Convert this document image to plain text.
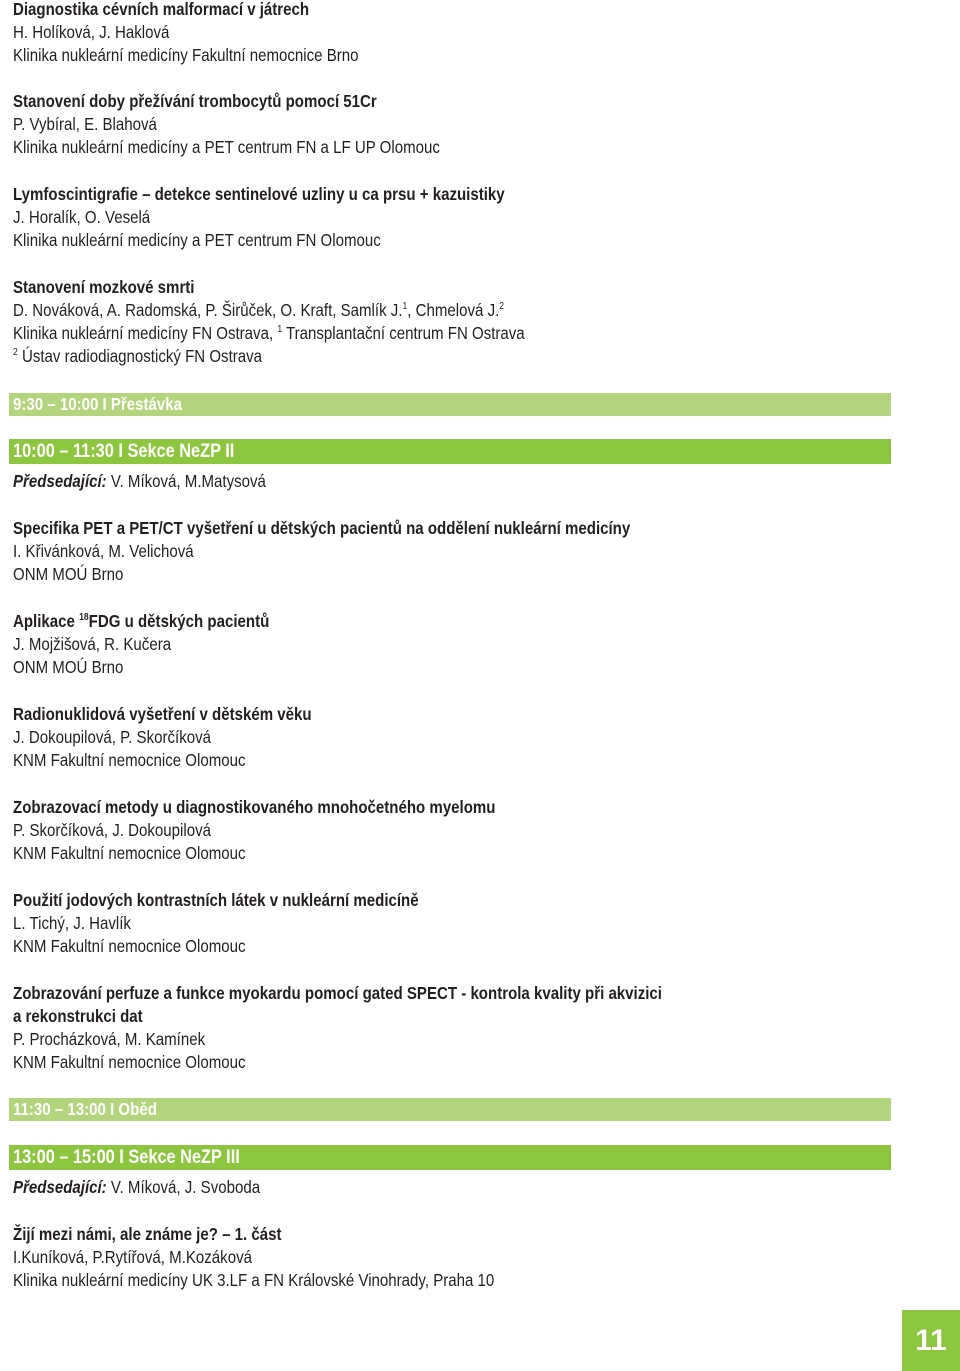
Diagnostika cévních malformací v játrech
H. Holíková, J. Haklová
Klinika nukleární medicíny Fakultní nemocnice Brno
Stanovení doby přežívání trombocytů pomocí 51Cr
P. Vybíral, E. Blahová
Klinika nukleární medicíny a PET centrum FN a LF UP Olomouc
Lymfoscintigrafie – detekce sentinelové uzliny u ca prsu + kazuistiky
J. Horalík, O. Veselá
Klinika nukleární medicíny a PET centrum FN Olomouc
Stanovení mozkové smrti
D. Nováková, A. Radomská, P. Širůček, O. Kraft, Samlík J.$^1$, Chmelová J.$^2$
Klinika nukleární medicíny FN Ostrava, $^1$ Transplantační centrum FN Ostrava
$^2$ Ústav radiodiagnostický FN Ostrava
Specifika PET a PET/CT vyšetření u dětských pacientů na oddělení nukleární medicíny
I. Křivánková, M. Velichová
ONM MOÚ Brno
Aplikace $^{18}$FDG u dětských pacientů
J. Mojžišová, R. Kučera
ONM MOÚ Brno
Radionuklidová vyšetření v dětském věku
J. Dokoupilová, P. Skorčíková
KNM Fakultní nemocnice Olomouc
Zobrazovací metody u diagnostikovaného mnohočetného myelomu
P. Skorčíková, J. Dokoupilová
KNM Fakultní nemocnice Olomouc
Použití jodových kontrastních látek v nukleární medicíně
L. Tichý, J. Havlík
KNM Fakultní nemocnice Olomouc
Zobrazování perfuze a funkce myokardu pomocí gated SPECT - kontrola kvality při akvizici
a rekonstrukci dat
P. Procházková, M. Kamínek
KNM Fakultní nemocnice Olomouc
Žijí mezi námi, ale známe je? – 1. část
I.Kuníková, P.Rytířová, M.Kozáková
Klinika nukleární medicíny UK 3.LF a FN Královské Vinohrady, Praha 10
Předsedající: V. Míková, M.Matysová
Předsedající: V. Míková, J. Svoboda
9:30 – 10:00 I Přestávka
10:00 – 11:30 I Sekce NeZP II
11:30 – 13:00 I Oběd
13:00 – 15:00 I Sekce NeZP III
11
